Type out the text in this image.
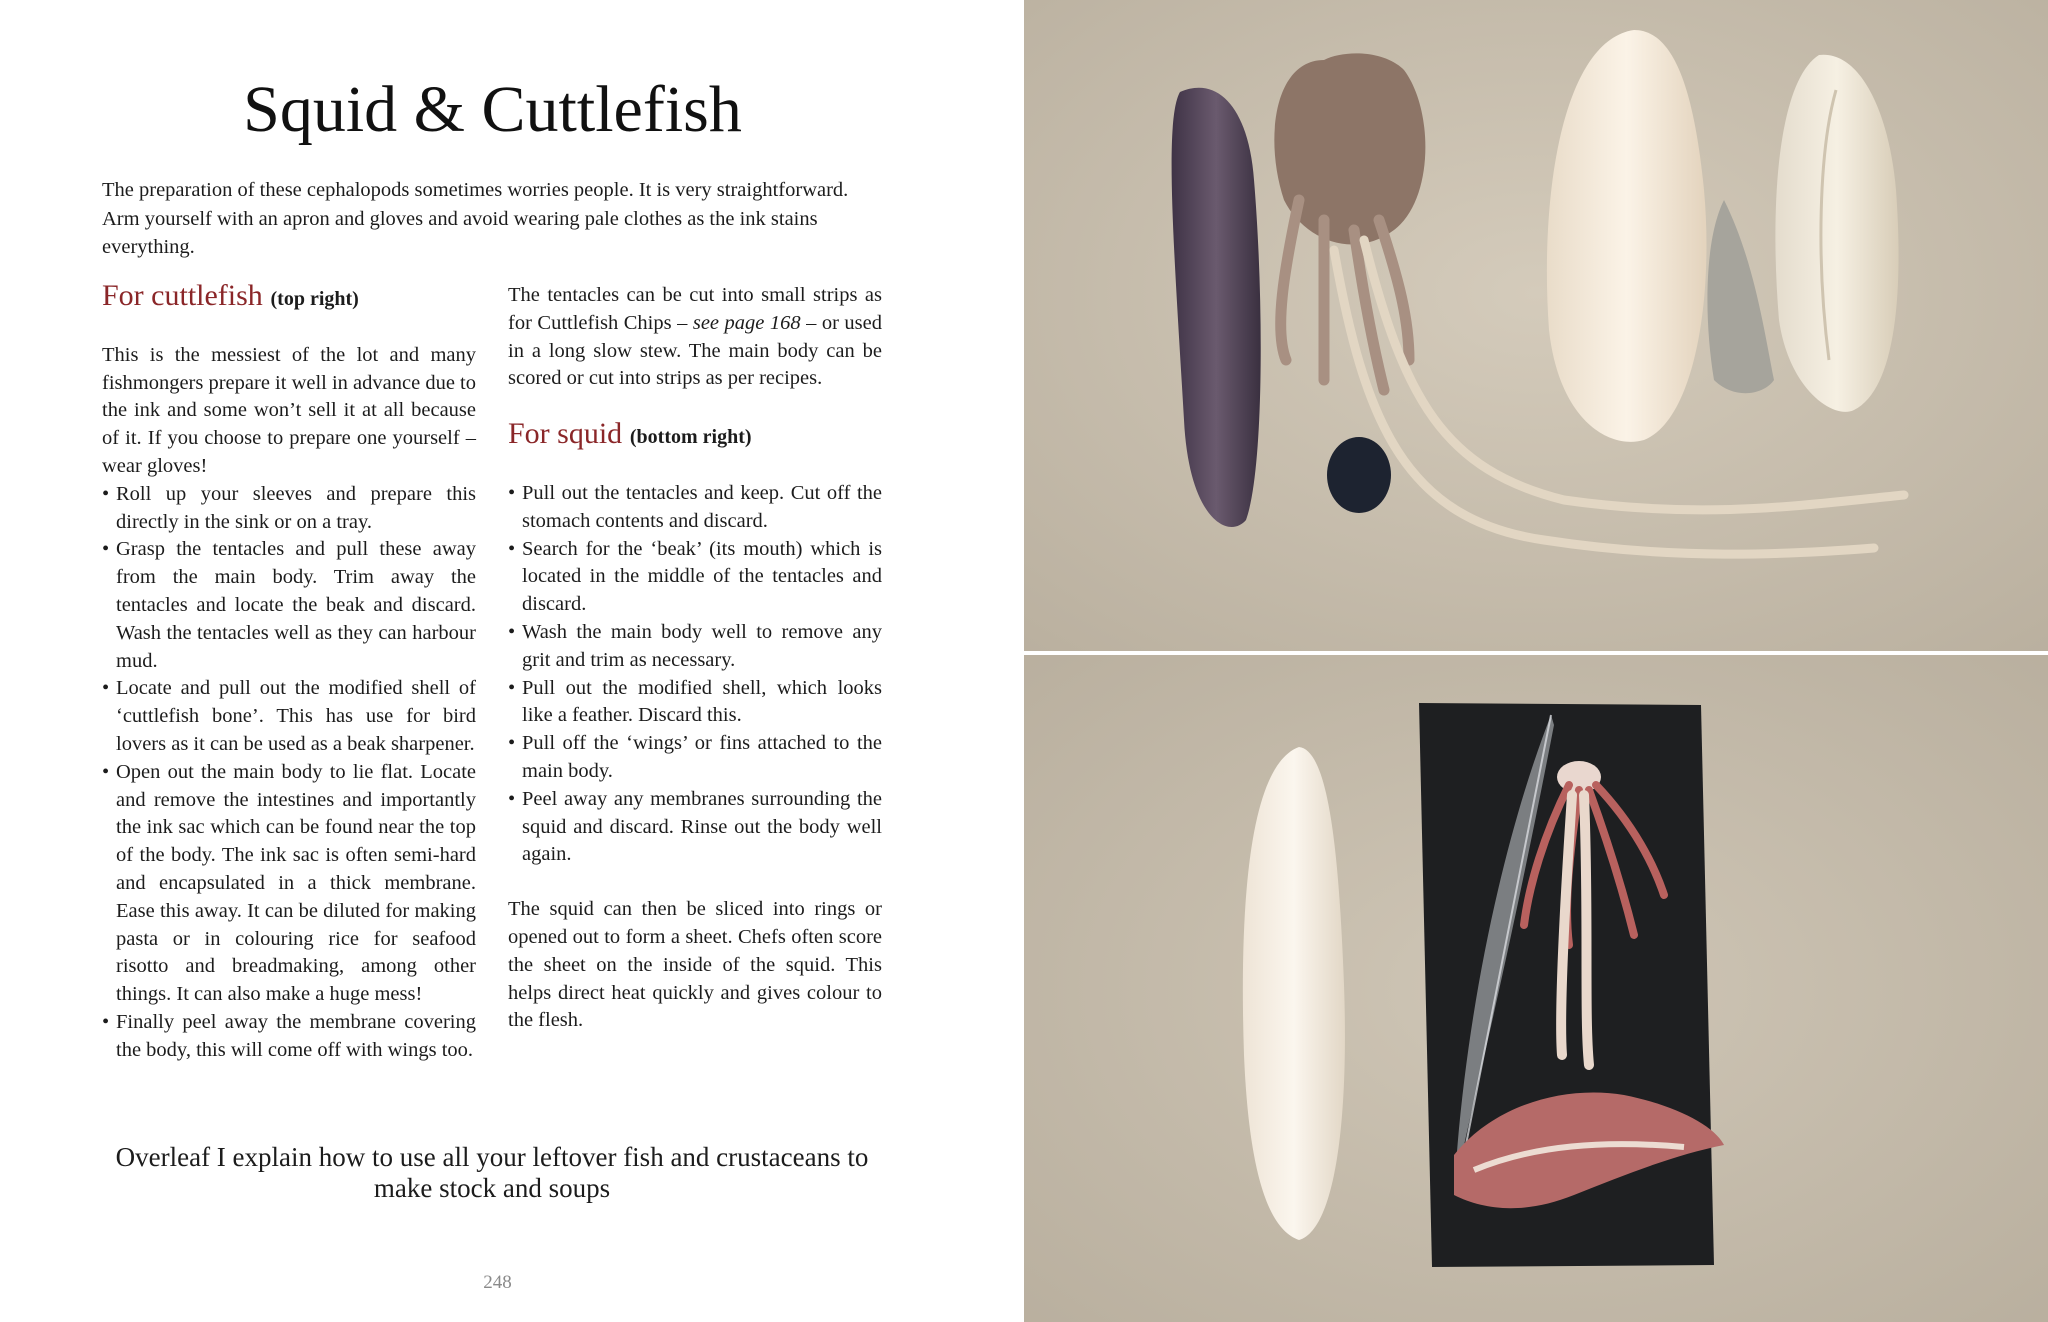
Squid & Cuttlefish

The preparation of these cephalopods sometimes worries people. It is very straightforward. Arm yourself with an apron and gloves and avoid wearing pale clothes as the ink stains everything.

For cuttlefish (top right)

This is the messiest of the lot and many fishmongers prepare it well in advance due to the ink and some won’t sell it at all because of it. If you choose to prepare one yourself – wear gloves!

• Roll up your sleeves and prepare this directly in the sink or on a tray.
• Grasp the tentacles and pull these away from the main body. Trim away the tentacles and locate the beak and discard. Wash the tentacles well as they can harbour mud.
• Locate and pull out the modified shell of ‘cuttlefish bone’. This has use for bird lovers as it can be used as a beak sharpener.
• Open out the main body to lie flat. Locate and remove the intestines and importantly the ink sac which can be found near the top of the body. The ink sac is often semi-hard and encapsulated in a thick membrane. Ease this away. It can be diluted for making pasta or in colouring rice for seafood risotto and breadmaking, among other things. It can also make a huge mess!
• Finally peel away the membrane covering the body, this will come off with wings too.

The tentacles can be cut into small strips as for Cuttlefish Chips – see page 168 – or used in a long slow stew. The main body can be scored or cut into strips as per recipes.

For squid (bottom right)
• Pull out the tentacles and keep. Cut off the stomach contents and discard.
• Search for the ‘beak’ (its mouth) which is located in the middle of the tentacles and discard.
• Wash the main body well to remove any grit and trim as necessary.
• Pull out the modified shell, which looks like a feather. Discard this.
• Pull off the ‘wings’ or fins attached to the main body.
• Peel away any membranes surrounding the squid and discard. Rinse out the body well again.

The squid can then be sliced into rings or opened out to form a sheet. Chefs often score the sheet on the inside of the squid. This helps direct heat quickly and gives colour to the flesh.

Overleaf I explain how to use all your leftover fish and crustaceans to make stock and soups

248
